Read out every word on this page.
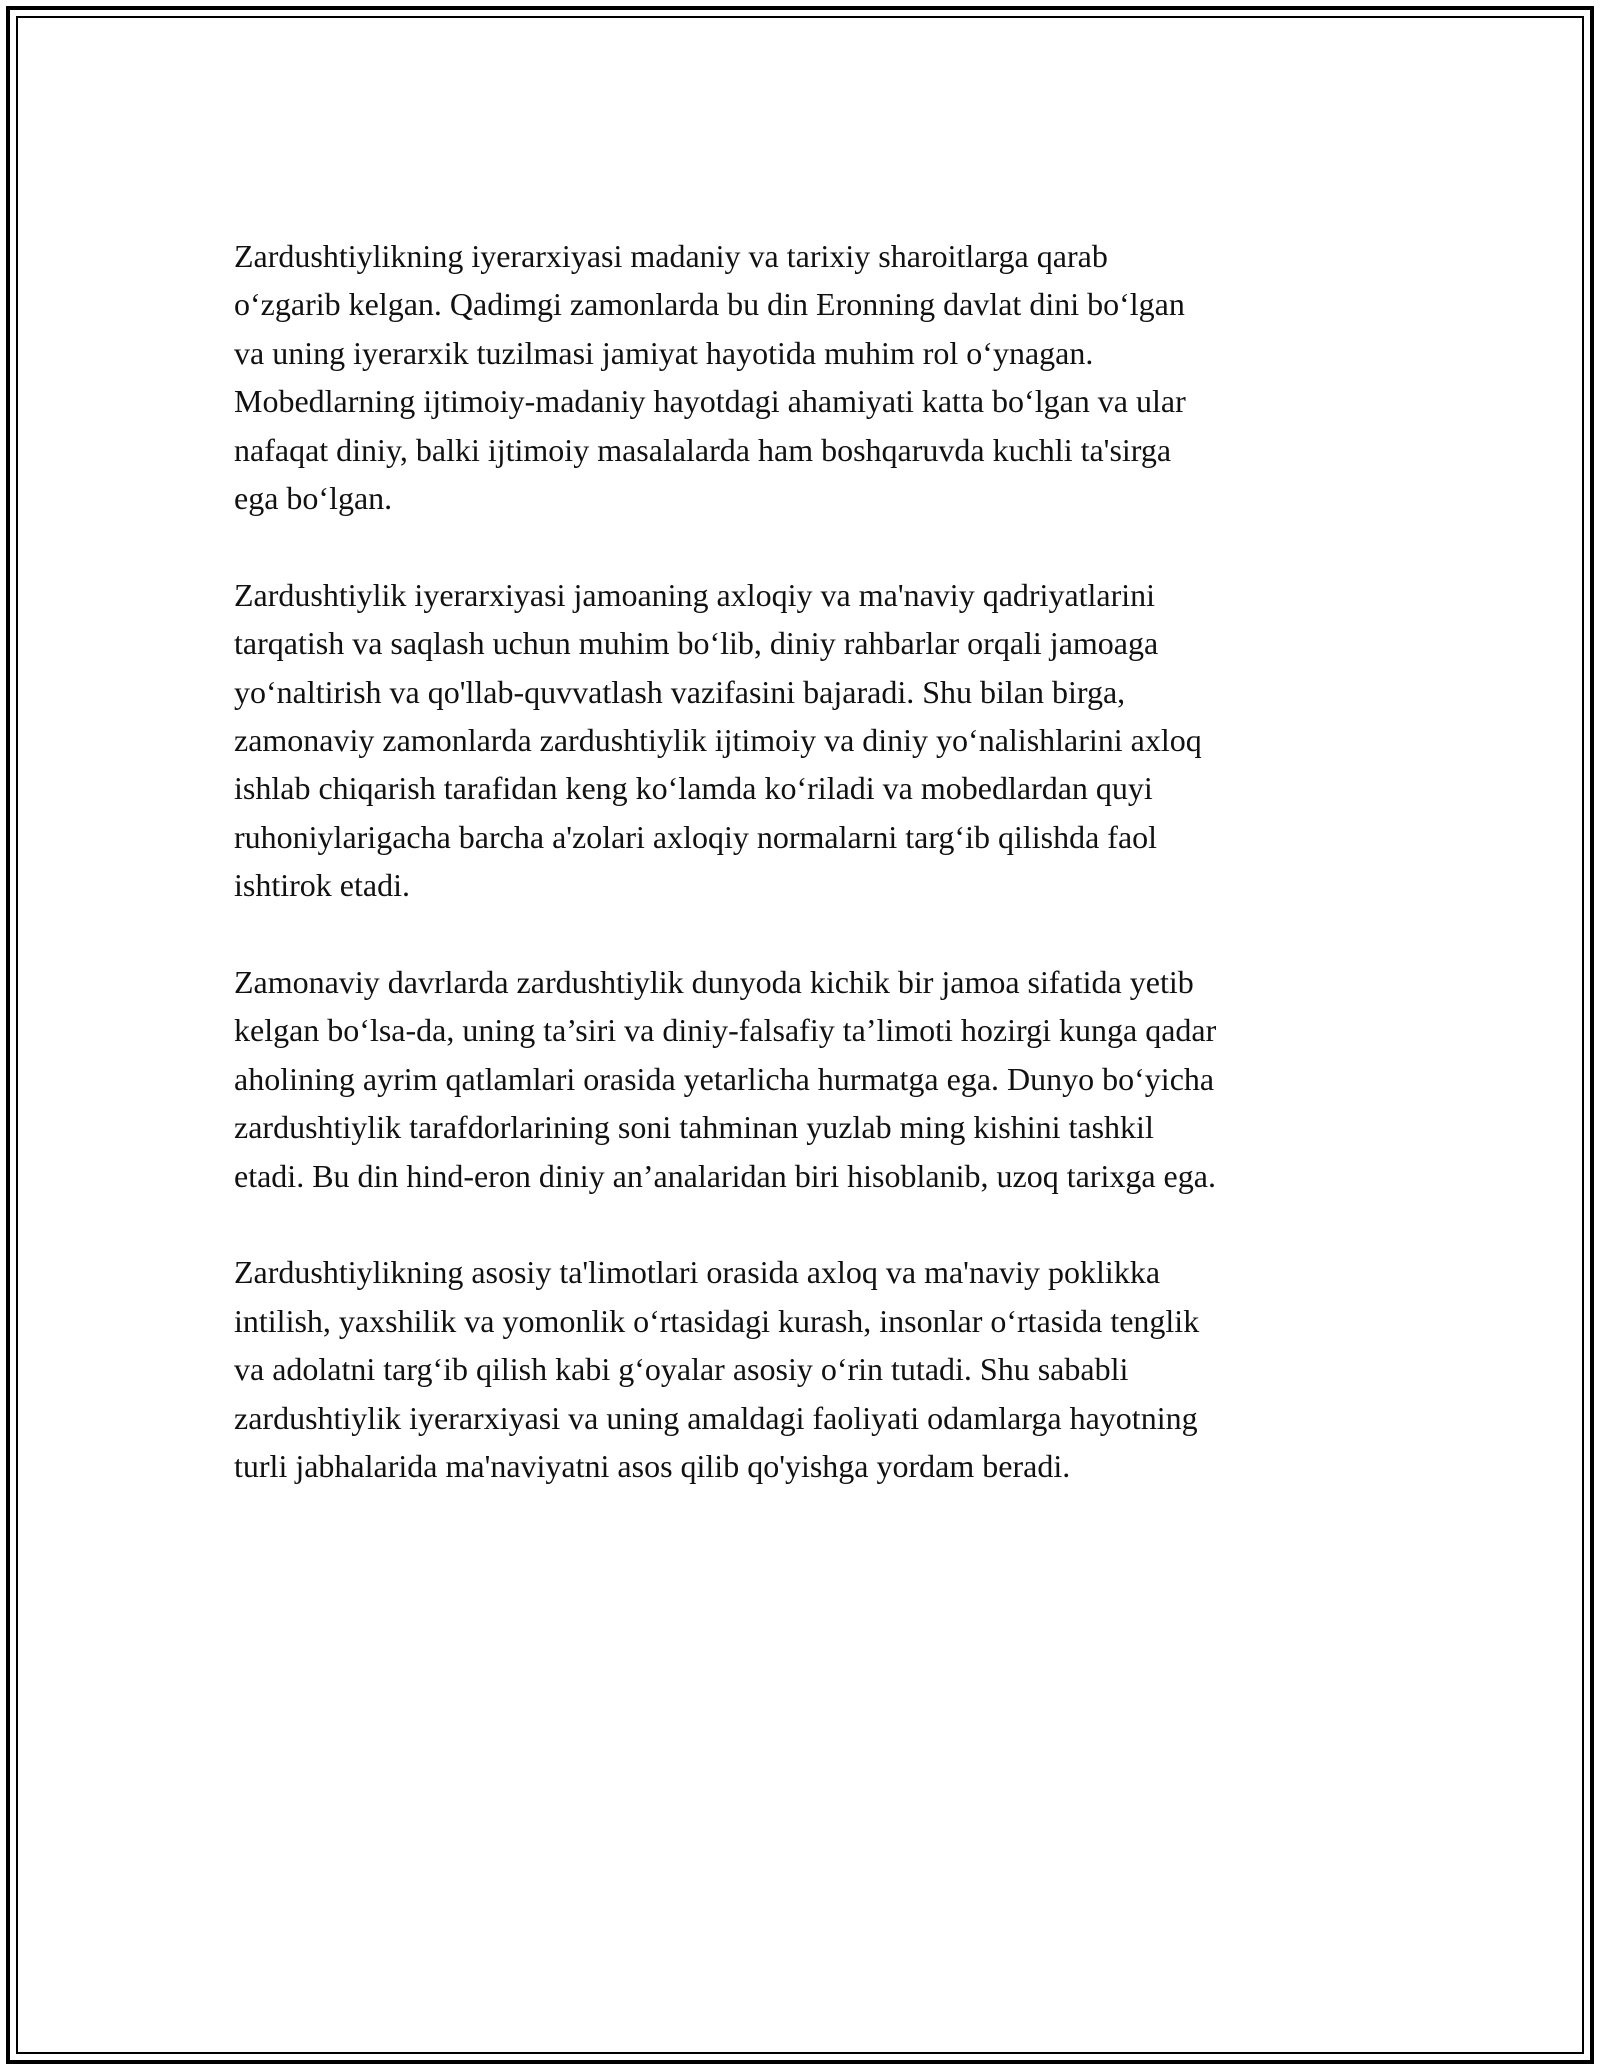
Zardushtiylikning iyerarxiyasi madaniy va tarixiy sharoitlarga qarab
o‘zgarib kelgan. Qadimgi zamonlarda bu din Eronning davlat dini bo‘lgan
va uning iyerarxik tuzilmasi jamiyat hayotida muhim rol o‘ynagan.
Mobedlarning ijtimoiy-madaniy hayotdagi ahamiyati katta bo‘lgan va ular
nafaqat diniy, balki ijtimoiy masalalarda ham boshqaruvda kuchli ta'sirga
ega bo‘lgan.

Zardushtiylik iyerarxiyasi jamoaning axloqiy va ma'naviy qadriyatlarini
tarqatish va saqlash uchun muhim bo‘lib, diniy rahbarlar orqali jamoaga
yo‘naltirish va qo'llab-quvvatlash vazifasini bajaradi. Shu bilan birga,
zamonaviy zamonlarda zardushtiylik ijtimoiy va diniy yo‘nalishlarini axloq
ishlab chiqarish tarafidan keng ko‘lamda ko‘riladi va mobedlardan quyi
ruhoniylarigacha barcha a'zolari axloqiy normalarni targ‘ib qilishda faol
ishtirok etadi.

Zamonaviy davrlarda zardushtiylik dunyoda kichik bir jamoa sifatida yetib
kelgan bo‘lsa-da, uning ta’siri va diniy-falsafiy ta’limoti hozirgi kunga qadar
aholining ayrim qatlamlari orasida yetarlicha hurmatga ega. Dunyo bo‘yicha
zardushtiylik tarafdorlarining soni tahminan yuzlab ming kishini tashkil
etadi. Bu din hind-eron diniy an’analaridan biri hisoblanib, uzoq tarixga ega.

Zardushtiylikning asosiy ta'limotlari orasida axloq va ma'naviy poklikka
intilish, yaxshilik va yomonlik o‘rtasidagi kurash, insonlar o‘rtasida tenglik
va adolatni targ‘ib qilish kabi g‘oyalar asosiy o‘rin tutadi. Shu sababli
zardushtiylik iyerarxiyasi va uning amaldagi faoliyati odamlarga hayotning
turli jabhalarida ma'naviyatni asos qilib qo'yishga yordam beradi.
